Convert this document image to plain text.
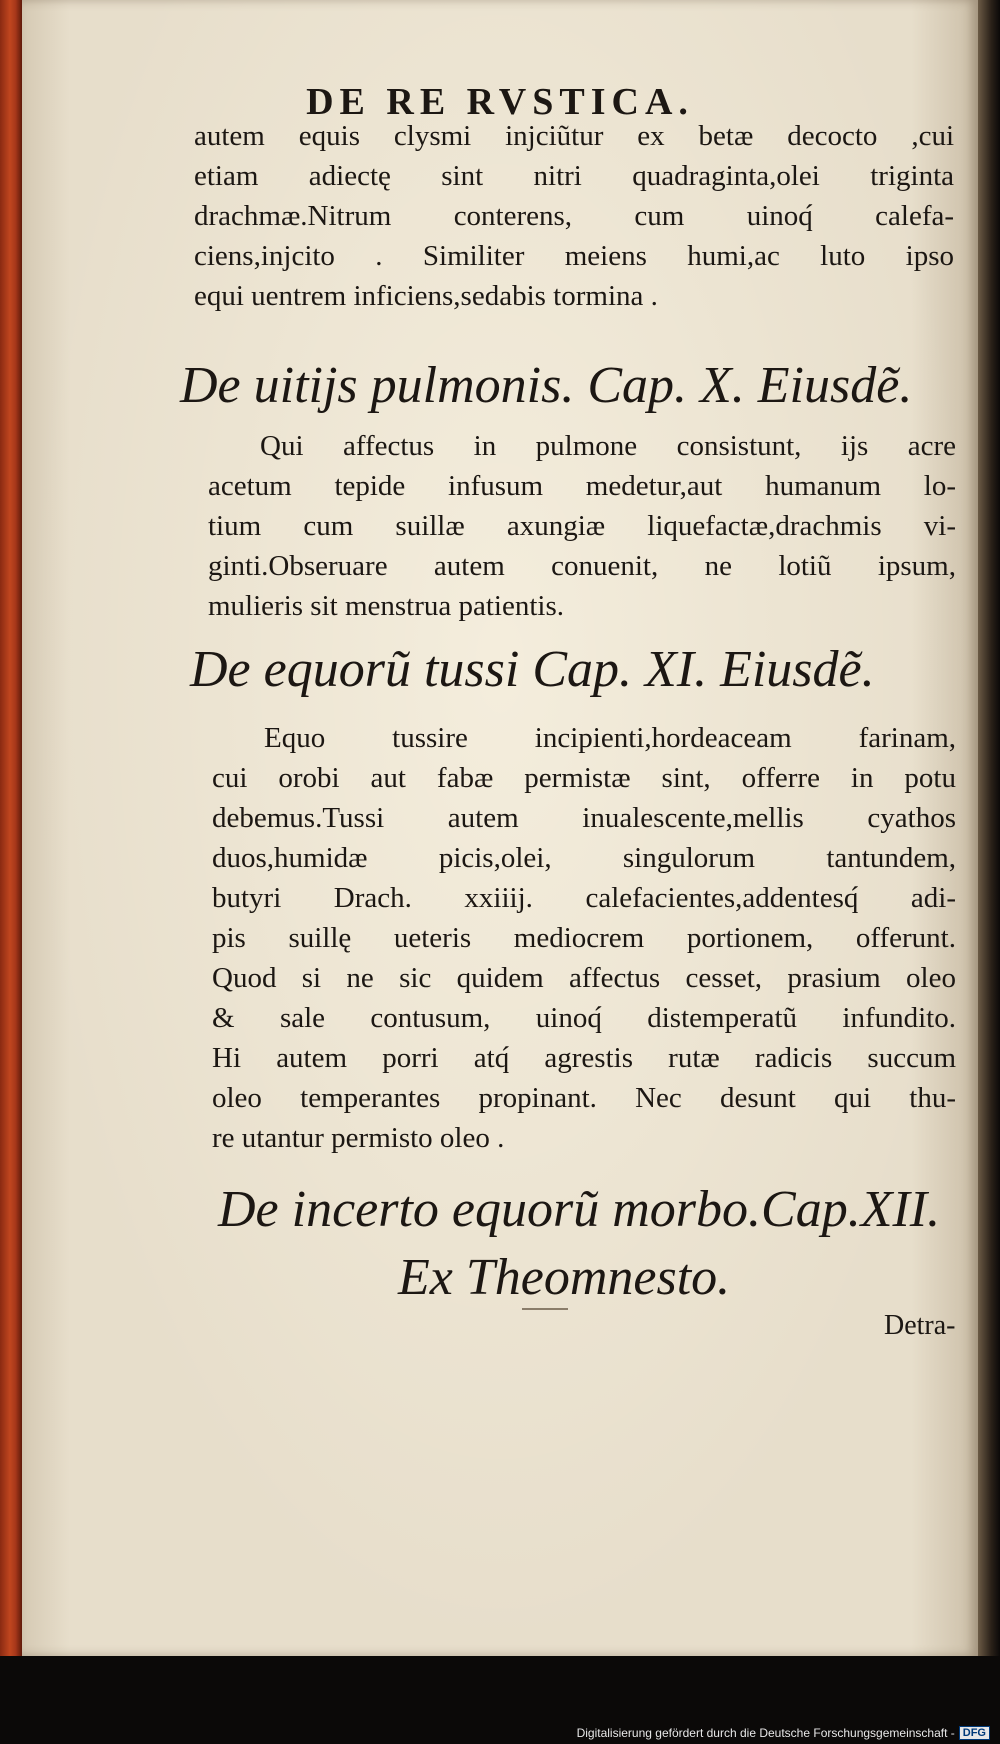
DE RE RVSTICA.
autem equis clysmi injciũtur ex betæ decocto ,cui
etiam adiectę sint nitri quadraginta,olei triginta
drachmæ.Nitrum conterens, cum uinoq́ calefa-
ciens,injcito . Similiter meiens humi,ac luto ipso
equi uentrem inficiens,sedabis tormina .
De uitijs pulmonis. Cap. X. Eiusdẽ.
Qui affectus in pulmone consistunt, ijs acre
acetum tepide infusum medetur,aut humanum lo-
tium cum suillæ axungiæ liquefactæ,drachmis vi-
ginti.Obseruare autem conuenit, ne lotiũ ipsum,
mulieris sit menstrua patientis.
De equorũ tussi Cap. XI. Eiusdẽ.
Equo tussire incipienti,hordeaceam farinam,
cui orobi aut fabæ permistæ sint, offerre in potu
debemus.Tussi autem inualescente,mellis cyathos
duos,humidæ picis,olei, singulorum tantundem,
butyri Drach. xxiiij. calefacientes,addentesq́ adi-
pis suillę ueteris mediocrem portionem, offerunt.
Quod si ne sic quidem affectus cesset, prasium oleo
& sale contusum, uinoq́ distemperatũ infundito.
Hi autem porri atq́ agrestis rutæ radicis succum
oleo temperantes propinant. Nec desunt qui thu-
re utantur permisto oleo .
De incerto equorũ morbo.Cap.XII.
Ex Theomnesto.
Detra-
Digitalisierung gefördert durch die Deutsche Forschungsgemeinschaft - DFG
